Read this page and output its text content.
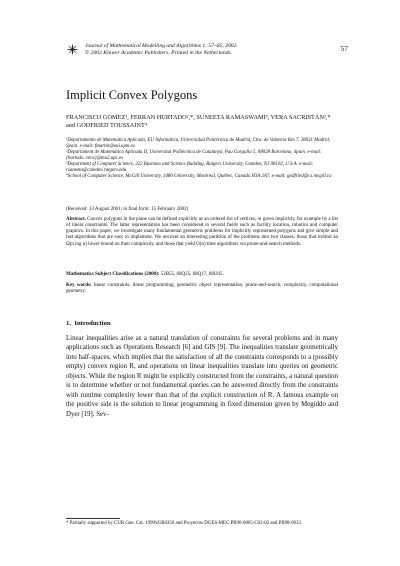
Journal of Mathematical Modelling and Algorithms 1: 57–85, 2002.
© 2002 Kluwer Academic Publishers. Printed in the Netherlands.	57
Implicit Convex Polygons
FRANCISCO GÓMEZ¹, FERRAN HURTADO²,*, SUNEETA RAMASWAMI³, VERA SACRISTÁN²,* and GODFRIED TOUSSAINT⁴

¹Departamento de Matemática Aplicada, EU Informática, Universidad Politécnica de Madrid, Ctra. de Valencia Km 7, 28031 Madrid, Spain. e-mail: fmartin@eui.upm.es

²Departament de Matemàtica Aplicada II, Universitat Politècnica de Catalunya, Pau Gargallo 5, 08028 Barcelona, Spain. e-mail: {hurtado, vera}@ma2.upc.es

³Department of Computer Science, 322 Business and Science Building, Rutgers University, Camden, NJ 08102, U.S.A. e-mail: rsuneeta@camden.rutgers.edu

⁴School of Computer Science, McGill University, 3480 University, Montréal, Québec, Canada H3A 2A7. e-mail: godfried@cs.mcgill.ca

(Received: 13 August 2001; in final form: 15 February 2002)
Abstract. Convex polygons in the plane can be defined explicitly as an ordered list of vertices, or given implicitly, for example by a list of linear constraints. The latter representation has been considered in several fields such as facility location, robotics and computer graphics. In this paper, we investigate many fundamental geometric problems for implicitly represented polygons and give simple and fast algorithms that are easy to implement. We uncover an interesting partition of the problems into two classes: those that exhibit an Ω(n log n) lower bound on their complexity, and those that yield O(n) time algorithms via prune-and-search methods.
Mathematics Subject Classifications (2000): 52B55, 68Q25, 68Q17, 68U05.
Key words: linear constraints, linear programming, geometric object representation, prune-and-search, complexity, computational geometry.
1. Introduction
Linear inequalities arise as a natural translation of constraints for several problems and in many applications such as Operations Research [6] and GIS [9]. The inequalities translate geometrically into half-spaces, which implies that the satisfaction of all the constraints corresponds to a (possibly empty) convex region R, and operations on linear inequalities translate into queries on geometric objects. While the region R might be explicitly constructed from the constraints, a natural question is to determine whether or not fundamental queries can be answered directly from the constraints with runtime complexity lower than that of the explicit construction of R. A famous example on the positive side is the solution to linear programming in fixed dimension given by Megiddo and Dyer [19]. Sev-
* Partially supported by CUR Gen. Cat. 1999SGR0356 and Proyectos DGES-MEC PB96-0005-C02-02 and PB98-0933.
